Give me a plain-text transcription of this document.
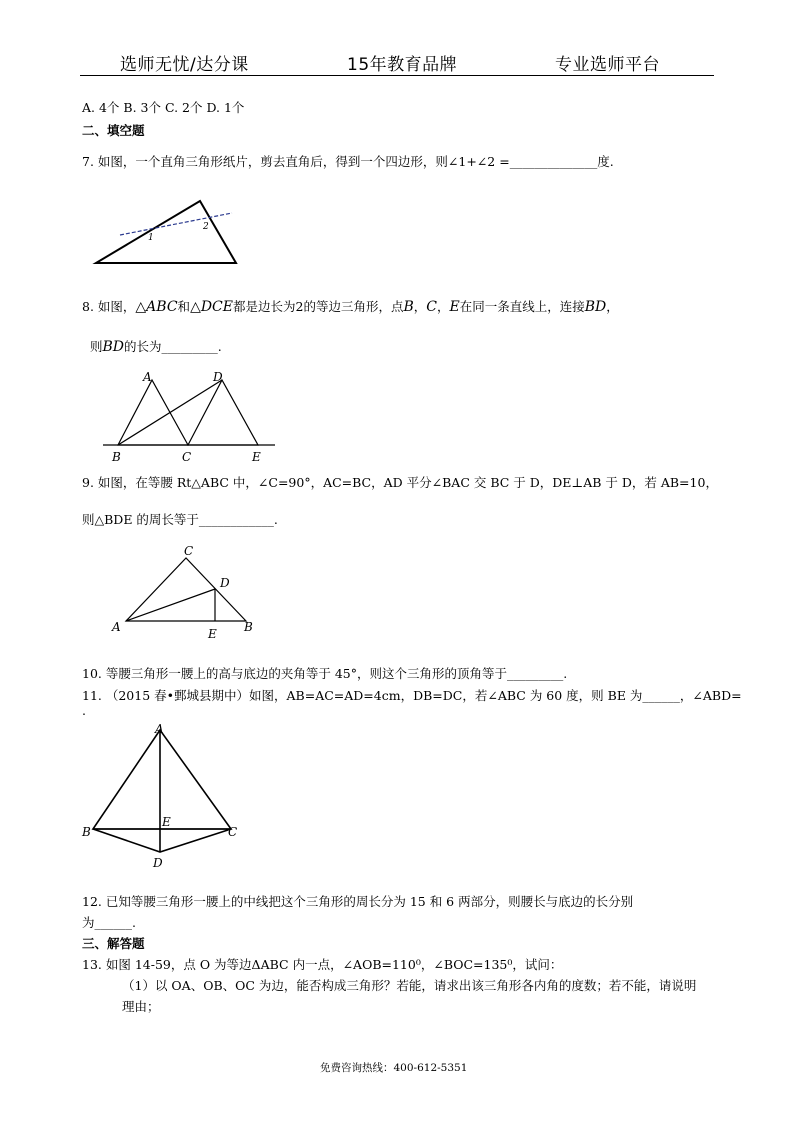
选师无忧/达分课	15年教育品牌	专业选师平台
A. 4个 B. 3个 C. 2个 D. 1个
二、填空题
7. 如图，一个直角三角形纸片，剪去直角后，得到一个四边形，则∠1+∠2 =______________度.
1
2
8. 如图，△ABC和△DCE都是边长为2的等边三角形，点B，C，E在同一条直线上，连接BD，
则BD的长为_________.
A	D
B	C	E
9. 如图，在等腰 Rt△ABC 中，∠C=90°，AC=BC，AD 平分∠BAC 交 BC 于 D，DE⊥AB 于 D，若 AB=10，
则△BDE 的周长等于____________.
C
D
A	E B
10. 等腰三角形一腰上的高与底边的夹角等于 45°，则这个三角形的顶角等于_________.
11. （2015 春•鄄城县期中）如图，AB=AC=AD=4cm，DB=DC，若∠ABC 为 60 度，则 BE 为______，∠ABD=
.
A
E
B	C
D
12. 已知等腰三角形一腰上的中线把这个三角形的周长分为 15 和 6 两部分，则腰长与底边的长分别
为______.
三、解答题
13. 如图 14-59，点 O 为等边ΔABC 内一点，∠AOB=110⁰，∠BOC=135⁰，试问：
（1）以 OA、OB、OC 为边，能否构成三角形？若能，请求出该三角形各内角的度数；若不能，请说明
理由；
免费咨询热线：400-612-5351
